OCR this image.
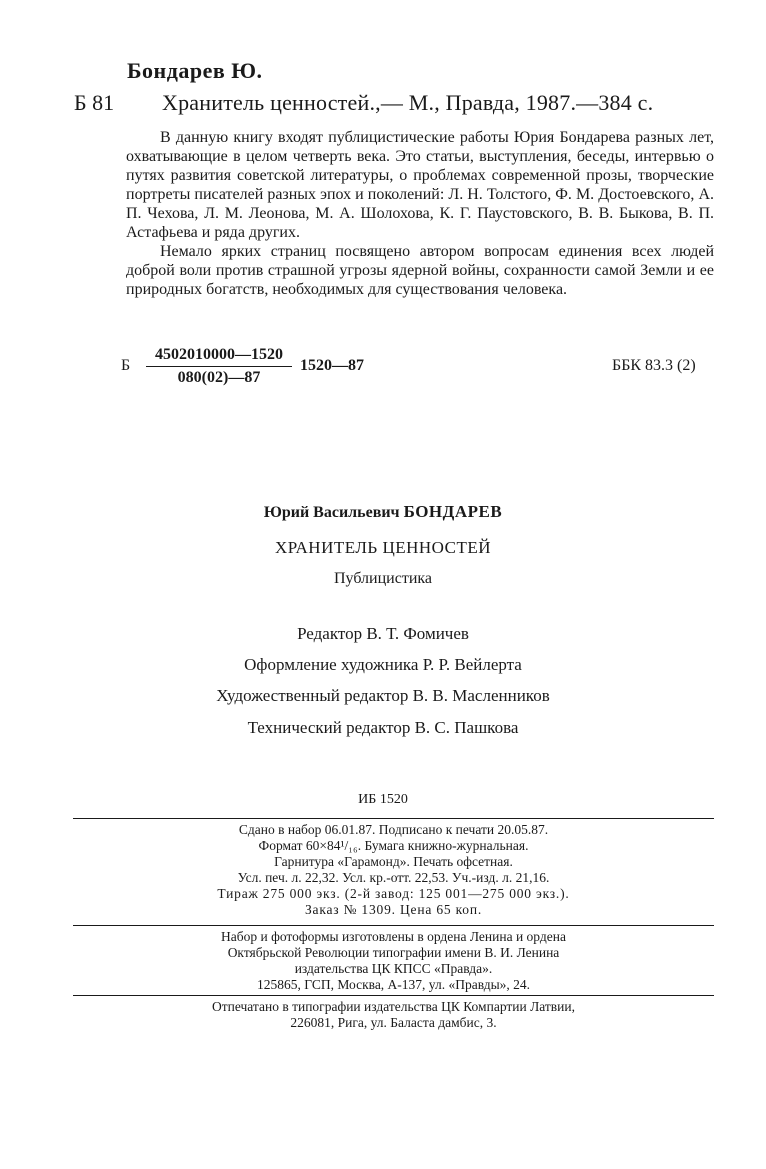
Бондарев Ю.
Б 81 Хранитель ценностей.,— М., Правда, 1987.—384 с.

В данную книгу входят публицистические работы Юрия Бондарева разных лет, охватывающие в целом четверть века. Это статьи, выступления, беседы, интервью о путях развития советской литературы, о проблемах современной прозы, творческие портреты писателей разных эпох и поколений: Л. Н. Толстого, Ф. М. Достоевского, А. П. Чехова, Л. М. Леонова, М. А. Шолохова, К. Г. Паустовского, В. В. Быкова, В. П. Астафьева и ряда других.

Немало ярких страниц посвящено автором вопросам единения всех людей доброй воли против страшной угрозы ядерной войны, сохранности самой Земли и ее природных богатств, необходимых для существования человека.

Б
4502010000—1520
080(02)—87
1520—87	ББК 83.3 (2)
Юрий Васильевич БОНДАРЕВ
ХРАНИТЕЛЬ ЦЕННОСТЕЙ
Публицистика
Редактор В. Т. Фомичев
Оформление художника Р. Р. Вейлерта
Художественный редактор В. В. Масленников
Технический редактор В. С. Пашкова
ИБ 1520
Сдано в набор 06.01.87. Подписано к печати 20.05.87.
Формат 60×84¹/₁₆. Бумага книжно-журнальная.
Гарнитура «Гарамонд». Печать офсетная.
Усл. печ. л. 22,32. Усл. кр.-отт. 22,53. Уч.-изд. л. 21,16.
Тираж 275 000 экз. (2-й завод: 125 001—275 000 экз.).
Заказ № 1309. Цена 65 коп.
Набор и фотоформы изготовлены в ордена Ленина и ордена
Октябрьской Революции типографии имени В. И. Ленина
издательства ЦК КПСС «Правда».
125865, ГСП, Москва, А-137, ул. «Правды», 24.
Отпечатано в типографии издательства ЦК Компартии Латвии,
226081, Рига, ул. Баласта дамбис, 3.
